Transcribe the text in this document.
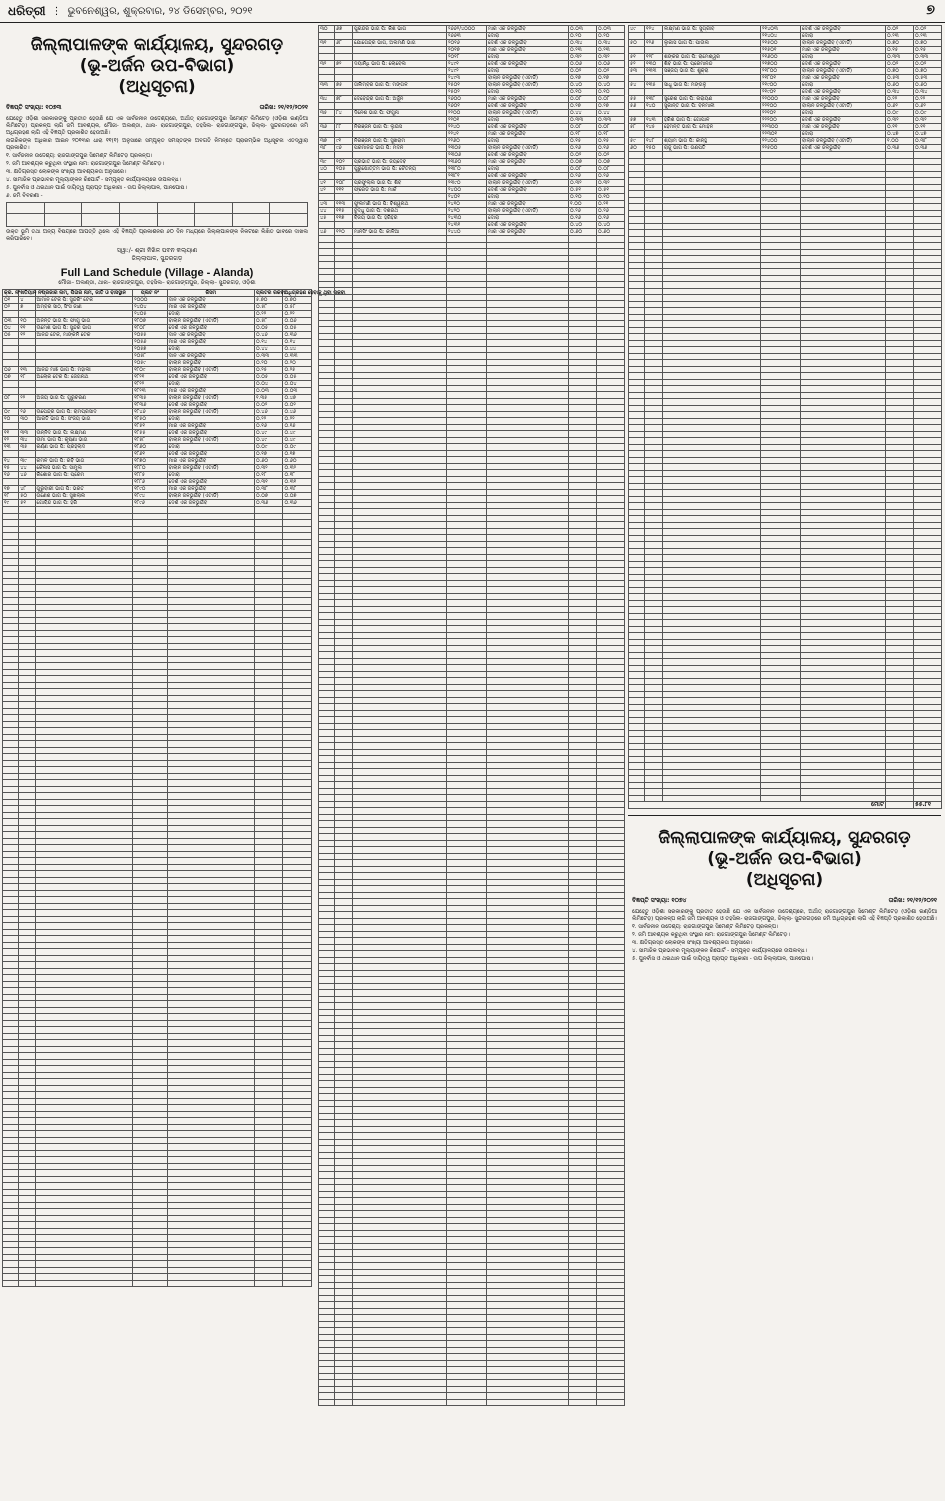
ଧରିତ୍ରୀ ⋮ ଭୁବନେଶ୍ୱର, ଶୁକ୍ରବାର, ୨୪ ଡିସେମ୍ବର, ୨୦୨୧	୭
ଜିଲ୍ଲାପାଳଙ୍କ କାର୍ଯ୍ୟାଳୟ, ସୁନ୍ଦରଗଡ଼
(ଭୂ-ଅର୍ଜନ ଉପ-ବିଭାଗ)
(ଅଧିସୂଚନା)
ବିଜ୍ଞପ୍ତି ସଂଖ୍ୟା: ୧୦୭୩	ତାରିଖ: ୨୧/୧୨/୨୦୨୧

ଯେହେତୁ ଓଡ଼ିଶା ସରକାରଙ୍କୁ ପ୍ରତୀତ ହେଉଛି ଯେ ଏକ ସାର୍ବଜନୀନ ଉଦ୍ଦେଶ୍ୟରେ, ଅର୍ଥାତ୍ ରାଜଗାଙ୍ଗପୁର ସିମେଣ୍ଟ ଲିମିଟେଡ଼ (ଓଡ଼ିଶା ଇଣ୍ଡିଆ ଲିମିଟେଡ଼) ପ୍ରକଳ୍ପ ଲାଗି ଜମି ଆବଶ୍ୟକ, ମୌଜା- ଅଲଣ୍ଡା, ଥାନା- ରାଜଗାଙ୍ଗପୁର, ତହସିଲ- ରାଜଗାଙ୍ଗପୁର, ଜିଲ୍ଲା- ସୁନ୍ଦରଗଡ଼ରେ ଜମି ଅଧିଗ୍ରହଣ ଲାଗି ଏହି ବିଜ୍ଞପ୍ତି ପ୍ରକାଶିତ ହେଉଅଛି।

ନାଗରିକଙ୍କ ଅଧିକାର ଆଇନ ୨୦୧୩ର ଧାରା ୧୧(୧) ଅନୁସାରେ ସମ୍ପୃକ୍ତ ସମସ୍ତଙ୍କ ଅବଗତି ନିମନ୍ତେ ପ୍ରାରମ୍ଭିକ ଅଧିସୂଚନା ଏତଦ୍ୱାରା ପ୍ରକାଶିତ।

୧. ସାର୍ବଜନୀନ ଉଦ୍ଦେଶ୍ୟ: ରାଜଗାଙ୍ଗପୁର ସିମେଣ୍ଟ ଲିମିଟେଡ଼ ପ୍ରକଳ୍ପ।

୨. ଜମି ଆବଶ୍ୟକ କରୁଥିବା ସଂସ୍ଥାର ନାମ: ରାଜଗାଙ୍ଗପୁର ସିମେଣ୍ଟ ଲିମିଟେଡ଼।

୩. କ୍ଷତିଗ୍ରସ୍ତ ଲୋକଙ୍କ ସଂଖ୍ୟା ଆବଶ୍ୟକତା ଅନୁସାରେ।

୪. ସାମାଜିକ ପ୍ରଭାବର ମୂଲ୍ୟାଙ୍କନ ରିପୋର୍ଟ - ସମ୍ପୃକ୍ତ କାର୍ଯ୍ୟାଳୟରେ ଉପଲବ୍ଧ।

୫. ପୁନର୍ବାସ ଓ ଥଇଥାନ ପାଇଁ ଦାୟିତ୍ୱ ପ୍ରାପ୍ତ ଅଧିକାରୀ - ଉପ ଜିଲ୍ଲାପାଳ, ପାନପୋଷ।

୬. ଜମି ବିବରଣୀ -

ଉକ୍ତ ଭୂମି ତଥା ଅନ୍ୟ ବିଷୟରେ ଆପତ୍ତି ଥିଲେ ଏହି ବିଜ୍ଞପ୍ତି ପ୍ରକାଶନର ୬୦ ଦିନ ମଧ୍ୟରେ ଜିଲ୍ଲାପାଳଙ୍କ ନିକଟରେ ଲିଖିତ ଭାବରେ ଦାଖଲ କରିପାରିବେ।

ସ୍ୱା:/- ଶ୍ରୀ ନିଖିଳ ପବନ କଲ୍ୟାଣ
ଜିଲ୍ଲାପାଳ, ସୁନ୍ଦରଗଡ଼
Full Land Schedule (Village - Alanda)
ମୌଜା– ଅଲଣ୍ଡା, ଥାନା– ରାଜଗାଙ୍ଗପୁର, ତହସିଲ– ରାଜଗାଙ୍ଗପୁର, ଜିଲ୍ଲା– ସୁନ୍ଦରଗଡ଼, ଓଡ଼ିଶା
କ୍ର. ନଂ	ଖତିୟାନ ନଂ	ପ୍ରଜାର ନାମ, ପିତାର ନାମ, ଜାତି ଓ ବାସସ୍ଥାନ	ପ୍ଲଟ ନଂ	କିସମ	ପ୍ଲଟର ରକବା	ଅଧିଗ୍ରହଣ ହେବାକୁ ଥିବା ରକବା
୦୧	୪	ଆମାନ ଟେକ ପି: ସୁନ୍ଦରିଂ ଟେକ	୨୦୦୦	ଦାନ ଏକ ଜଳଭୁଇଁବ	୫.୭୦	୦.୭୦
୦୨	୭	ଅମ୍ବର ସାଠ, ସିଂସ ଜାଣ	୨୪୦୪	ମାର ଏକ ଜଳଭୁଇଁବ	୦.୫୮	୦.୫୮
			୨୪୦୫	ଦୋରା	୦.୨୨	୦.୨୨
୦୩	୧୦	ଅନନ୍ତ ଭାଗ ପି: ଫାଗୁ ଭାଗ	୧୮୦୭	ବାଲାନ ଜଳଭୁଇଁବ (ଏଟାର୍ଡି)	୦.୫୮	୦.୦୬
୦୪	୧୧	ଉମେଶ ଭାଗ ପି: ସୁନ୍ଦର ଭାଗ	୧୮୦୮	ଦେର୍ଶ ଏକ ଜଳଭୁଇଁବ	୦.୦୫	୦.୦୫
୦୫	୧୨	ଆନନ୍ଦ ଟେକ, ମାଙ୍କନି ଟେକ	୨୦୫୫	ଦାନ ଏକ ଜଳଭୁଇଁବ	୦.୪୬	୦.୩୬
			୨୦୫୬	ମାର ଏକ ଜଳଭୁଇଁବ	୦.୧୪	୦.୧୪
			୨୦୫୭	ଦୋରା	୦.୪୪	୦.୪୪
			୨୦୫୮	ଦାନ ଏକ ଜଳଭୁଇଁବ	୦.୩୩	୦.୩୩
			୨୦୫୯	ବାଲାନ ଜଳଭୁଇଁବ	୦.୨୦	୦.୨୦
୦୬	୧୩	ଆନନ୍ଦ ମାଝି ଭାଗ ପି: ମହାଲୀ	୧୮୦୯	ବାଲାନ ଜଳଭୁଇଁବ (ଏଟାର୍ଡି)	୦.୨୫	୦.୨୫
୦୭	୧୮	ଅଲୋକ ଟେକ ପି: ଜେଗନାଥ	୧୮୨୧	ଦେର୍ଶ ଏକ ଜଳଭୁଇଁବ	୦.୦୫	୦.୦୫
			୧୮୨୨	ଦୋରା	୦.୦୪	୦.୦୪
			୧୮୨୩	ମାର ଏକ ଜଳଭୁଇଁବ	୦.୦୩	୦.୦୩
୦୮	୨୨	ଅଜୟ ଭାଗ ପି: ଗୁରୁଚରଣ	୧୮୩୫	ବାଲାନ ଜଳଭୁଇଁବ (ଏଟାର୍ଡି)	୧.୩୫	୦.୪୭
			୧୮୩୬	ଦେର୍ଶ ଏକ ଜଳଭୁଇଁବ	୦.୦୨	୦.୦୨
୦୯	୨୬	ଉପେନ୍ଦ୍ର ଭାଗ ପି: ରାମପ୍ରସାଦ	୧୮୪୬	ବାଲାନ ଜଳଭୁଇଁବ (ଏଟାର୍ଡି)	୦.୪୬	୦.୪୬
୧୦	୩୦	ଆରତି ଭାଗ ପି: ସଂଜୟ ଭାଗ	୧୮୫୦	ଦୋରା	୦.୨୨	୦.୨୨
			୧୮୫୧	ମାର ଏକ ଜଳଭୁଇଁବ	୦.୧୬	୦.୧୬
୧୧	୩୩	ଉନ୍ନିଦ ଭାଗ ପି: ଲକ୍ଷ୍ମଣ	୧୮୫୫	ଦେର୍ଶ ଏକ ଜଳଭୁଇଁବ	୦.୪୯	୦.୪୯
୧୨	୩୪	ଉମା ଭାଗ ପି: କୃଷ୍ଣା ଭାଗ	୧୮୫୮	ବାଲାନ ଜଳଭୁଇଁବ (ଏଟାର୍ଡି)	୦.୪୯	୦.୪୯
୧୩	୩୫	କର୍ଣ୍ଣ ଭାଗ ପି: ପ୍ରହ୍ଲାଦ	୧୮୬୦	ଦୋରା	୦.୦୯	୦.୦୯
			୧୮୬୧	ଦେର୍ଶ ଏକ ଜଳଭୁଇଁବ	୦.୧୭	୦.୧୭
୧୪	୩୯	କମଳ ଭାଗ ପି: ରବି ଭାଗ	୧୮୭୦	ମାର ଏକ ଜଳଭୁଇଁବ	୦.୬୦	୦.୬୦
୧୫	୪୪	କୈଳାସ ଭାଗ ପି: ସାମୁଲ	୧୮୮୦	ବାଲାନ ଜଳଭୁଇଁବ (ଏଟାର୍ଡି)	୦.୩୨	୦.୩୨
୧୬	୪୬	କିଶୋର ଭାଗ ପି: ପ୍ରେମ	୧୮୮୫	ଦୋରା	୦.୧୮	୦.୧୮
			୧୮୮୬	ଦେର୍ଶ ଏକ ଜଳଭୁଇଁବ	୦.୩୧	୦.୩୧
୧୭	୪୮	ଗୁରୁବାରୀ ଭାଗ ପି: ଭରତ	୧୮୯୦	ମାର ଏକ ଜଳଭୁଇଁବ	୦.୩୮	୦.୩୮
୧୮	୫୦	ଗଣେଶ ଭାଗ ପି: ସୁଖଲାଲ	୧୮୯୪	ବାଲାନ ଜଳଭୁଇଁବ (ଏଟାର୍ଡି)	୦.୦୭	୦.୦୭
୧୯	୫୧	ଗୋବିନ୍ଦ ଭାଗ ପି: ହରି	୧୮୯୬	ଦେର୍ଶ ଏକ ଜଳଭୁଇଁବ	୦.୩୬	୦.୩୬

୩୦	୬୭	ପୁରନ୍ଦର ଭାଗ ପି: କିଶ ଭାଗ	୨୬୬୨/୪୦୦୦	ମାର ଏକ ଜଳଭୁଇଁବ	୦.୦୩	୦.୦୩
			୨୬୬୩	ଦୋରା	୦.୨୦	୦.୨୦
୩୧	୬୮	ଯୋଗେନ୍ଦ୍ର ଭାଗ, ଅଲମଣି ଭାଗ	୨୦୧୬	ଦେର୍ଶ ଏକ ଜଳଭୁଇଁବ	୦.୩୪	୦.୩୪
			୨୦୧୭	ମାର ଏକ ଜଳଭୁଇଁବ	୦.୨୩	୦.୨୩
			୨୦୧୮	ଦୋରା	୦.୩୨	୦.୩୨
୩୨	୭୨	ଦୟାନିଧି ଭାଗ ପି: ଲୋବେଲ	୨୪୯୧	ଦେର୍ଶ ଏକ ଜଳଭୁଇଁବ	୦.୦୬	୦.୦୬
			୨୪୯୨	ଦୋରା	୦.୦୨	୦.୦୨
			୨୪୯୩	ବାଲାନ ଜଳଭୁଇଁବ (ଏଟାର୍ଡି)	୦.୧୭	୦.୧୭
୩୩	୭୫	ତାଲିମ୍ବର ଭାଗ ପି: ମଙ୍ଗଳ	୨୫୦୧	ବାଲାନ ଜଳଭୁଇଁବ (ଏଟାର୍ଡି)	୦.୪୦	୦.୪୦
			୨୫୦୨	ଦୋରା	୦.୧୦	୦.୧୦
୩୪	୭୮	ଦେବେନ୍ଦ୍ର ଭାଗ ପି: ଅର୍ଜୁନ	୨୬୦୦	ମାର ଏକ ଜଳଭୁଇଁବ	୦.୦୮	୦.୦୮
			୨୬୦୧	ଦେର୍ଶ ଏକ ଜଳଭୁଇଁବ	୦.୨୭	୦.୨୭
୩୫	୮୪	ଦିନେଶ ଭାଗ ପି: ଫଗୁନା	୨୨୦୦	ବାଲାନ ଜଳଭୁଇଁବ (ଏଟାର୍ଡି)	୦.୪୪	୦.୪୪
			୨୨୦୧	ଦୋରା	୦.୩୩	୦.୩୩
୩୬	୮୮	ନିରଞ୍ଜନ ଭାଗ ପି: ଲୁଇସ	୨୨୪୦	ଦେର୍ଶ ଏକ ଜଳଭୁଇଁବ	୦.୦୮	୦.୦୮
			୨୨୪୧	ମାର ଏକ ଜଳଭୁଇଁବ	୦.୧୮	୦.୧୮
୩୭	୯୧	ନିରଞ୍ଜନ ଭାଗ ପି: ସୁଖରାମ	୨୨୬୦	ଦୋରା	୦.୧୫	୦.୧୫
୩୮	୯୬	ପରମାନନ୍ଦ ଭାଗ ପି: ମଦନ	୨୩୦୫	ବାଲାନ ଜଳଭୁଇଁବ (ଏଟାର୍ଡି)	୦.୧୬	୦.୧୬
			୨୩୦୬	ଦେର୍ଶ ଏକ ଜଳଭୁଇଁବ	୦.୦୨	୦.୦୨
୩୯	୧୦୨	ପ୍ରଭାତ ଭାଗ ପି: ଜୟଦେବ	୨୩୬୦	ମାର ଏକ ଜଳଭୁଇଁବ	୦.୦୭	୦.୦୭
୪୦	୧୦୫	ପୁରୁଷୋତ୍ତମ ଭାଗ ପି: ଚୈତନ୍ୟ	୨୩୮୦	ଦୋରା	୦.୦୮	୦.୦୮
			୨୩୮୧	ଦେର୍ଶ ଏକ ଜଳଭୁଇଁବ	୦.୨୬	୦.୨୬
୪୧	୧୦୮	ପ୍ରଫୁଲ୍ଲ ଭାଗ ପି: ଶିବ	୨୩୯୦	ବାଲାନ ଜଳଭୁଇଁବ (ଏଟାର୍ଡି)	୦.୩୨	୦.୩୨
୪୨	୧୧୧	ଫ୍ରେଡ ଭାଗ ପି: ମାର୍କ	୨୪୦୦	ଦେର୍ଶ ଏକ ଜଳଭୁଇଁବ	୦.୫୧	୦.୫୧
			୨୪୦୧	ଦୋରା	୦.୧୦	୦.୧୦
୪୩	୧୧୩	ଫୁଲମଣି ଭାଗ ପି: ବିଶ୍ୱନାଥ	୨୪୧୦	ମାର ଏକ ଜଳଭୁଇଁବ	୧.୦୦	୦.୨୧
୪୪	୧୧୫	ବୁଦ୍ଧୁ ଭାଗ ପି: ଦଶରଥ	୨୪୨୦	ବାଲାନ ଜଳଭୁଇଁବ (ଏଟାର୍ଡି)	୦.୨୬	୦.୨୬
୪୫	୧୧୭	ବିଜୟ ଭାଗ ପି: ହରିହର	୨୪୩୦	ଦୋରା	୦.୧୬	୦.୧୬
			୨୪୩୧	ଦେର୍ଶ ଏକ ଜଳଭୁଇଁବ	୦.୪୦	୦.୪୦
୪୬	୧୨୦	ମାନସିଂ ଭାଗ ପି: କାଳିଆ	୨୪୪୦	ମାର ଏକ ଜଳଭୁଇଁବ	୦.୬୦	୦.୬୦

୪୯	୧୨୪	ଲକ୍ଷ୍ମଣ ଭାଗ ପି: ସୁଗ୍ରୀବ	୨୧୪୦୩	ଦେର୍ଶ ଏକ ଜଳଭୁଇଁବ	୦.୦୨	୦.୦୨
			୨୧୪୦୪	ଦୋରା	୦.୨୩	୦.୨୩
୫୦	୧୨୬	ଲୁକାସ ଭାଗ ପି: ପାଉଲ	୨୧୫୦୦	ବାଲାନ ଜଳଭୁଇଁବ (ଏଟାର୍ଡି)	୦.୭୦	୦.୭୦
			୨୧୫୦୧	ମାର ଏକ ଜଳଭୁଇଁବ	୦.୧୫	୦.୧୫
୫୧	୧୨୮	ଶଙ୍କର ଭାଗ ପି: ରାମେଶ୍ୱର	୨୧୬୦୦	ଦୋରା	୦.୩୩	୦.୩୩
୫୨	୧୩୦	ଶିବ ଭାଗ ପି: ପ୍ରେମାନନ୍ଦ	୨୧୭୦୦	ଦେର୍ଶ ଏକ ଜଳଭୁଇଁବ	୦.୦୨	୦.୦୨
୫୩	୧୩୩	ସଞ୍ଜୟ ଭାଗ ପି: ଶୁକ୍ରା	୨୧୮୦୦	ବାଲାନ ଜଳଭୁଇଁବ (ଏଟାର୍ଡି)	୦.୭୦	୦.୭୦
			୨୧୮୦୧	ମାର ଏକ ଜଳଭୁଇଁବ	୦.୫୩	୦.୫୩
୫୪	୧୩୫	ସାଧୁ ଭାଗ ପି: ମଙ୍ଗଳୁ	୨୧୯୦୦	ଦୋରା	୦.୬୦	୦.୬୦
			୨୧୯୦୧	ଦେର୍ଶ ଏକ ଜଳଭୁଇଁବ	୦.୩୪	୦.୩୪
୫୫	୧୩୮	ସୁରେଶ ଭାଗ ପି: ନାରାୟଣ	୨୨୦୦୦	ମାର ଏକ ଜଳଭୁଇଁବ	୦.୨୨	୦.୨୨
୫୬	୧୪୦	ସୁକାନ୍ତ ଭାଗ ପି: ବନମାଳୀ	୨୨୧୦୦	ବାଲାନ ଜଳଭୁଇଁବ (ଏଟାର୍ଡି)	୦.୬୨	୦.୬୨
			୨୨୧୦୧	ଦୋରା	୦.୦୯	୦.୦୯
୫୭	୧୪୩	ହରିଶ ଭାଗ ପି: ଗୋପାଳ	୨୨୨୦୦	ଦେର୍ଶ ଏକ ଜଳଭୁଇଁବ	୦.୩୨	୦.୩୨
୫୮	୧୪୫	ହେମନ୍ତ ଭାଗ ପି: ମୋହନ	୨୨୩୦୦	ମାର ଏକ ଜଳଭୁଇଁବ	୦.୧୧	୦.୧୧
			୨୨୩୦୧	ଦୋରା	୦.୪୭	୦.୪୭
୫୯	୧୪୮	ଶ୍ୟାମ ଭାଗ ପି: କାନ୍ହୁ	୨୨୪୦୦	ବାଲାନ ଜଳଭୁଇଁବ (ଏଟାର୍ଡି)	୧.୦୦	୦.୩୮
୬୦	୧୫୦	ରାଜୁ ଭାଗ ପି: ଗଣପତି	୨୨୫୦୦	ଦେର୍ଶ ଏକ ଜଳଭୁଇଁବ	୦.୩୬	୦.୩୬

ମୋଟ						୫୫.୮୧
ଜିଲ୍ଲାପାଳଙ୍କ କାର୍ଯ୍ୟାଳୟ, ସୁନ୍ଦରଗଡ଼
(ଭୂ-ଅର୍ଜନ ଉପ-ବିଭାଗ)
(ଅଧିସୂଚନା)
ବିଜ୍ଞପ୍ତି ସଂଖ୍ୟା: ୧୦୭୪	ତାରିଖ: ୨୧/୧୨/୨୦୨୧

ଯେହେତୁ ଓଡ଼ିଶା ସରକାରଙ୍କୁ ପ୍ରତୀତ ହେଉଛି ଯେ ଏକ ସାର୍ବଜନୀନ ଉଦ୍ଦେଶ୍ୟରେ, ଅର୍ଥାତ୍ ରାଜଗାଙ୍ଗପୁର ସିମେଣ୍ଟ ଲିମିଟେଡ଼ (ଓଡ଼ିଶା ଇଣ୍ଡିଆ ଲିମିଟେଡ଼) ପ୍ରକଳ୍ପ ଲାଗି ଜମି ଆବଶ୍ୟକ ଓ ତହସିଲ- ରାଜଗାଙ୍ଗପୁର, ଜିଲ୍ଲା- ସୁନ୍ଦରଗଡ଼ରେ ଜମି ଅଧିଗ୍ରହଣ ଲାଗି ଏହି ବିଜ୍ଞପ୍ତି ପ୍ରକାଶିତ ହେଉଅଛି।

୧. ସାର୍ବଜନୀନ ଉଦ୍ଦେଶ୍ୟ: ରାଜଗାଙ୍ଗପୁର ସିମେଣ୍ଟ ଲିମିଟେଡ଼ ପ୍ରକଳ୍ପ।

୨. ଜମି ଆବଶ୍ୟକ କରୁଥିବା ସଂସ୍ଥାର ନାମ: ରାଜଗାଙ୍ଗପୁର ସିମେଣ୍ଟ ଲିମିଟେଡ଼।

୩. କ୍ଷତିଗ୍ରସ୍ତ ଲୋକଙ୍କ ସଂଖ୍ୟା ଆବଶ୍ୟକତା ଅନୁସାରେ।

୪. ସାମାଜିକ ପ୍ରଭାବର ମୂଲ୍ୟାଙ୍କନ ରିପୋର୍ଟ - ସମ୍ପୃକ୍ତ କାର୍ଯ୍ୟାଳୟରେ ଉପଲବ୍ଧ।

୫. ପୁନର୍ବାସ ଓ ଥଇଥାନ ପାଇଁ ଦାୟିତ୍ୱ ପ୍ରାପ୍ତ ଅଧିକାରୀ - ଉପ ଜିଲ୍ଲାପାଳ, ପାନପୋଷ।
